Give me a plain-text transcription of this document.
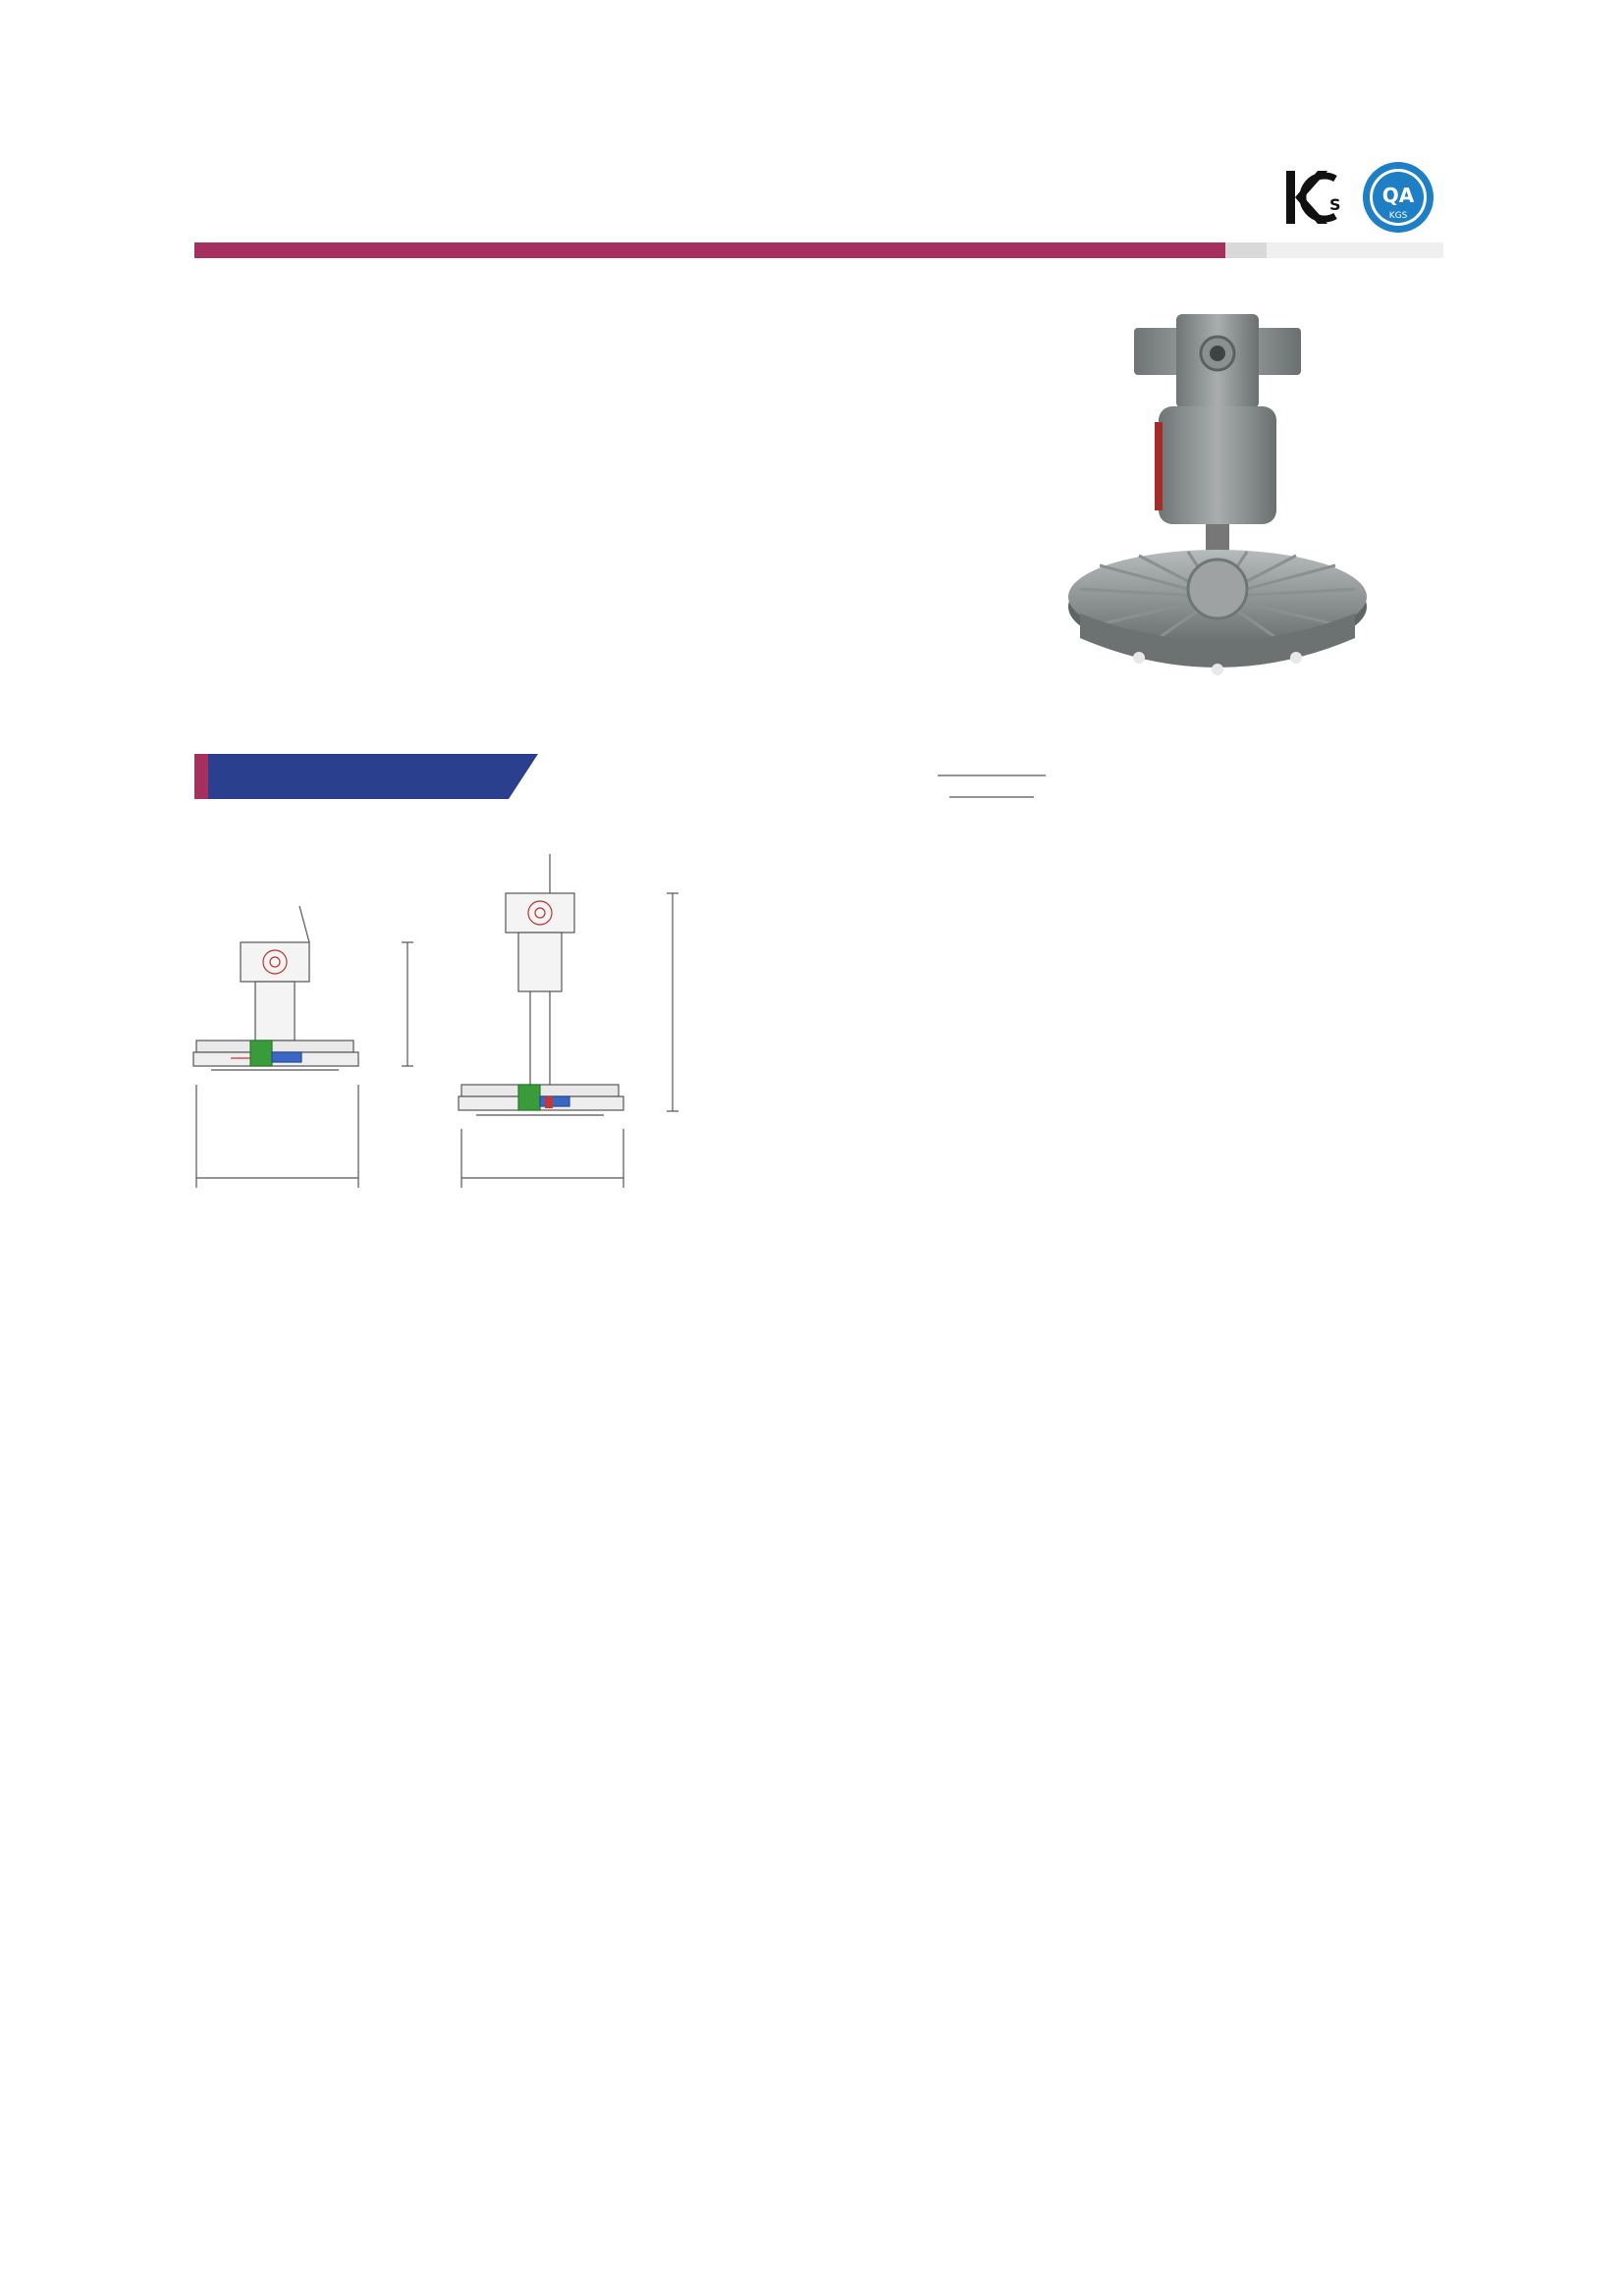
S QA
KGS
